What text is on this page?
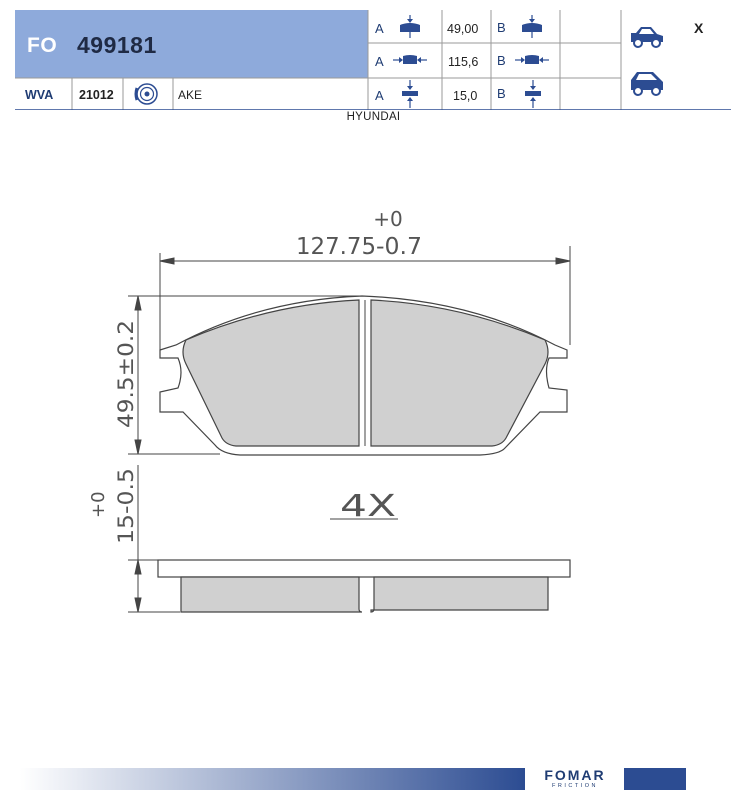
FO 499181
A	49,00 B
A	115,6 B
WVA 21012	AKE	A	15,0 B
X
HYUNDAI
+0
127.75 -0.7
49.5±0.2
+0 15-0.5	4X
FOMAR
FRICTION
